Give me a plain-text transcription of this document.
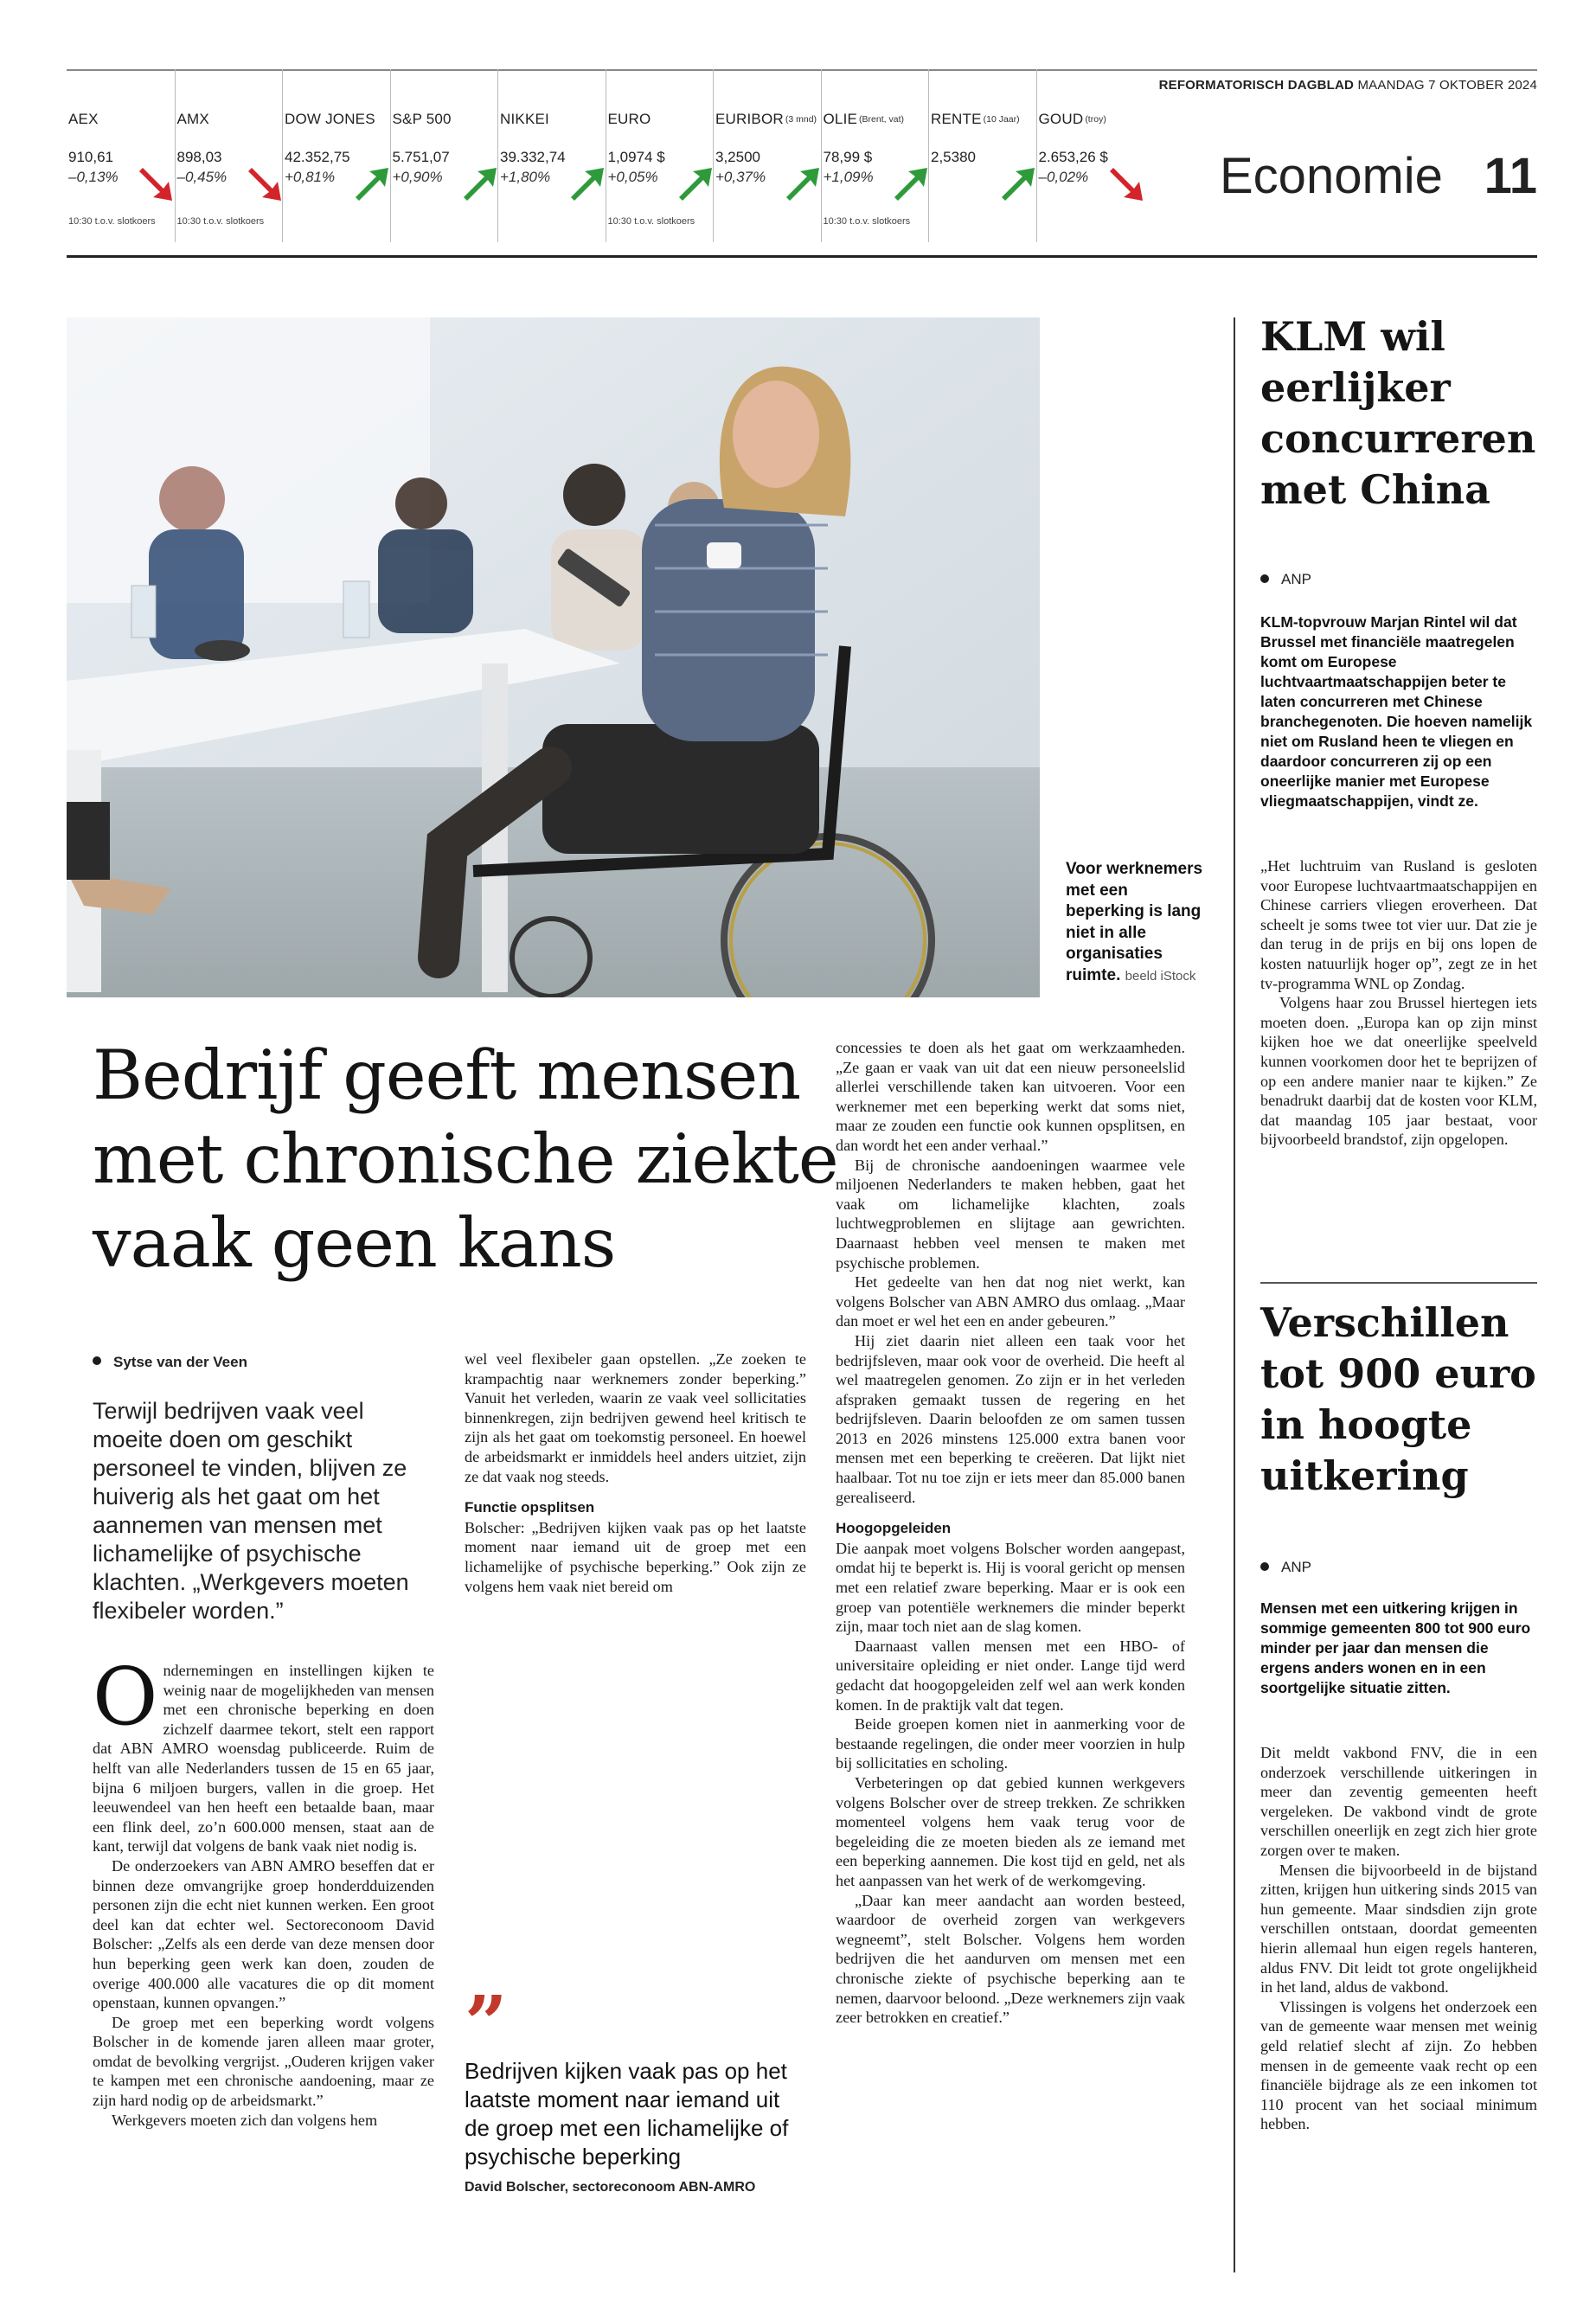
AEX
910,61
–0,13%
10:30 t.o.v. slotkoers
AMX
898,03
–0,45%
10:30 t.o.v. slotkoers
DOW JONES
42.352,75
+0,81%
S&P 500
5.751,07
+0,90%
NIKKEI
39.332,74
+1,80%
EURO
1,0974 $
+0,05%
10:30 t.o.v. slotkoers
EURIBOR (3 mnd)
3,2500
+0,37%
OLIE (Brent, vat)
78,99 $
+1,09%
10:30 t.o.v. slotkoers
RENTE (10 Jaar)
2,5380
GOUD (troy)
2.653,26 $
–0,02%
REFORMATORISCH DAGBLAD MAANDAG 7 OKTOBER 2024
Economie 11
Voor werknemers met een beperking is lang niet in alle organisaties ruimte. beeld iStock
Bedrijf geeft mensen met chronische ziekte vaak geen kans
Sytse van der Veen

Terwijl bedrijven vaak veel moeite doen om geschikt personeel te vinden, blijven ze huiverig als het gaat om het aannemen van mensen met lichamelijke of psychische klachten. „Werkgevers moeten flexibeler worden.”

Ondernemingen en instellingen kijken te weinig naar de mogelijkheden van mensen met een chronische beperking en doen zichzelf daarmee tekort, stelt een rapport dat ABN AMRO woensdag publiceerde. Ruim de helft van alle Nederlanders tussen de 15 en 65 jaar, bijna 6 miljoen burgers, vallen in die groep. Het leeuwendeel van hen heeft een betaalde baan, maar een flink deel, zo’n 600.000 mensen, staat aan de kant, terwijl dat volgens de bank vaak niet nodig is.

De onderzoekers van ABN AMRO beseffen dat er binnen deze omvangrijke groep honderdduizenden personen zijn die echt niet kunnen werken. Een groot deel kan dat echter wel. Sectoreconoom David Bolscher: „Zelfs als een derde van deze mensen door hun beperking geen werk kan doen, zouden de overige 400.000 alle vacatures die op dit moment openstaan, kunnen opvangen.”

De groep met een beperking wordt volgens Bolscher in de komende jaren alleen maar groter, omdat de bevolking vergrijst. „Ouderen krijgen vaker te kampen met een chronische aandoening, maar ze zijn hard nodig op de arbeidsmarkt.”

Werkgevers moeten zich dan volgens hem

wel veel flexibeler gaan opstellen. „Ze zoeken te krampachtig naar werknemers zonder beperking.” Vanuit het verleden, waarin ze vaak veel sollicitaties binnenkregen, zijn bedrijven gewend heel kritisch te zijn als het gaat om toekomstig personeel. En hoewel de arbeidsmarkt er inmiddels heel anders uitziet, zijn ze dat vaak nog steeds.

Functie opsplitsen

Bolscher: „Bedrijven kijken vaak pas op het laatste moment naar iemand uit de groep met een lichamelijke of psychische beperking.” Ook zijn ze volgens hem vaak niet bereid om

”
Bedrijven kijken vaak pas op het laatste moment naar iemand uit de groep met een lichamelijke of psychische beperking
David Bolscher, sectoreconoom ABN-AMRO

concessies te doen als het gaat om werkzaamheden. „Ze gaan er vaak van uit dat een nieuw personeelslid allerlei verschillende taken kan uitvoeren. Voor een werknemer met een beperking werkt dat soms niet, maar ze zouden een functie ook kunnen opsplitsen, en dan wordt het een ander verhaal.”

Bij de chronische aandoeningen waarmee vele miljoenen Nederlanders te maken hebben, gaat het vaak om lichamelijke klachten, zoals luchtwegproblemen en slijtage aan gewrichten. Daarnaast hebben veel mensen te maken met psychische problemen.

Het gedeelte van hen dat nog niet werkt, kan volgens Bolscher van ABN AMRO dus omlaag. „Maar dan moet er wel het een en ander gebeuren.”

Hij ziet daarin niet alleen een taak voor het bedrijfsleven, maar ook voor de overheid. Die heeft al wel maatregelen genomen. Zo zijn er in het verleden afspraken gemaakt tussen de regering en het bedrijfsleven. Daarin beloofden ze om samen tussen 2013 en 2026 minstens 125.000 extra banen voor mensen met een beperking te creëeren. Dat lijkt niet haalbaar. Tot nu toe zijn er iets meer dan 85.000 banen gerealiseerd.

Hoogopgeleiden

Die aanpak moet volgens Bolscher worden aangepast, omdat hij te beperkt is. Hij is vooral gericht op mensen met een relatief zware beperking. Maar er is ook een groep van potentiële werknemers die minder beperkt zijn, maar toch niet aan de slag komen.

Daarnaast vallen mensen met een HBO- of universitaire opleiding er niet onder. Lange tijd werd gedacht dat hoogopgeleiden zelf wel aan werk konden komen. In de praktijk valt dat tegen.

Beide groepen komen niet in aanmerking voor de bestaande regelingen, die onder meer voorzien in hulp bij sollicitaties en scholing.

Verbeteringen op dat gebied kunnen werkgevers volgens Bolscher over de streep trekken. Ze schrikken momenteel volgens hem vaak terug voor de begeleiding die ze moeten bieden als ze iemand met een beperking aannemen. Die kost tijd en geld, net als het aanpassen van het werk of de werkomgeving.

„Daar kan meer aandacht aan worden besteed, waardoor de overheid zorgen van werkgevers wegneemt”, stelt Bolscher. Volgens hem worden bedrijven die het aandurven om mensen met een chronische ziekte of psychische beperking aan te nemen, daarvoor beloond. „Deze werknemers zijn vaak zeer betrokken en creatief.”

KLM wil eerlijker concurreren met China
ANP

KLM-topvrouw Marjan Rintel wil dat Brussel met financiële maatregelen komt om Europese luchtvaartmaatschappijen beter te laten concurreren met Chinese branchegenoten. Die hoeven namelijk niet om Rusland heen te vliegen en daardoor concurreren zij op een oneerlijke manier met Europese vliegmaatschappijen, vindt ze.

„Het luchtruim van Rusland is gesloten voor Europese luchtvaartmaatschappijen en Chinese carriers vliegen eroverheen. Dat scheelt je soms twee tot vier uur. Dat zie je dan terug in de prijs en bij ons lopen de kosten natuurlijk hoger op”, zegt ze in het tv-programma WNL op Zondag.

Volgens haar zou Brussel hiertegen iets moeten doen. „Europa kan op zijn minst kijken hoe we dat oneerlijke speelveld kunnen voorkomen door het te beprijzen of op een andere manier naar te kijken.” Ze benadrukt daarbij dat de kosten voor KLM, dat maandag 105 jaar bestaat, voor bijvoorbeeld brandstof, zijn opgelopen.

Verschillen tot 900 euro in hoogte uitkering
ANP

Mensen met een uitkering krijgen in sommige gemeenten 800 tot 900 euro minder per jaar dan mensen die ergens anders wonen en in een soortgelijke situatie zitten.

Dit meldt vakbond FNV, die in een onderzoek verschillende uitkeringen in meer dan zeventig gemeenten heeft vergeleken. De vakbond vindt de grote verschillen oneerlijk en zegt zich hier grote zorgen over te maken.

Mensen die bijvoorbeeld in de bijstand zitten, krijgen hun uitkering sinds 2015 van hun gemeente. Maar sindsdien zijn grote verschillen ontstaan, doordat gemeenten hierin allemaal hun eigen regels hanteren, aldus FNV. Dit leidt tot grote ongelijkheid in het land, aldus de vakbond.

Vlissingen is volgens het onderzoek een van de gemeente waar mensen met weinig geld relatief slecht af zijn. Zo hebben mensen in de gemeente vaak recht op een financiële bijdrage als ze een inkomen tot 110 procent van het sociaal minimum hebben.
